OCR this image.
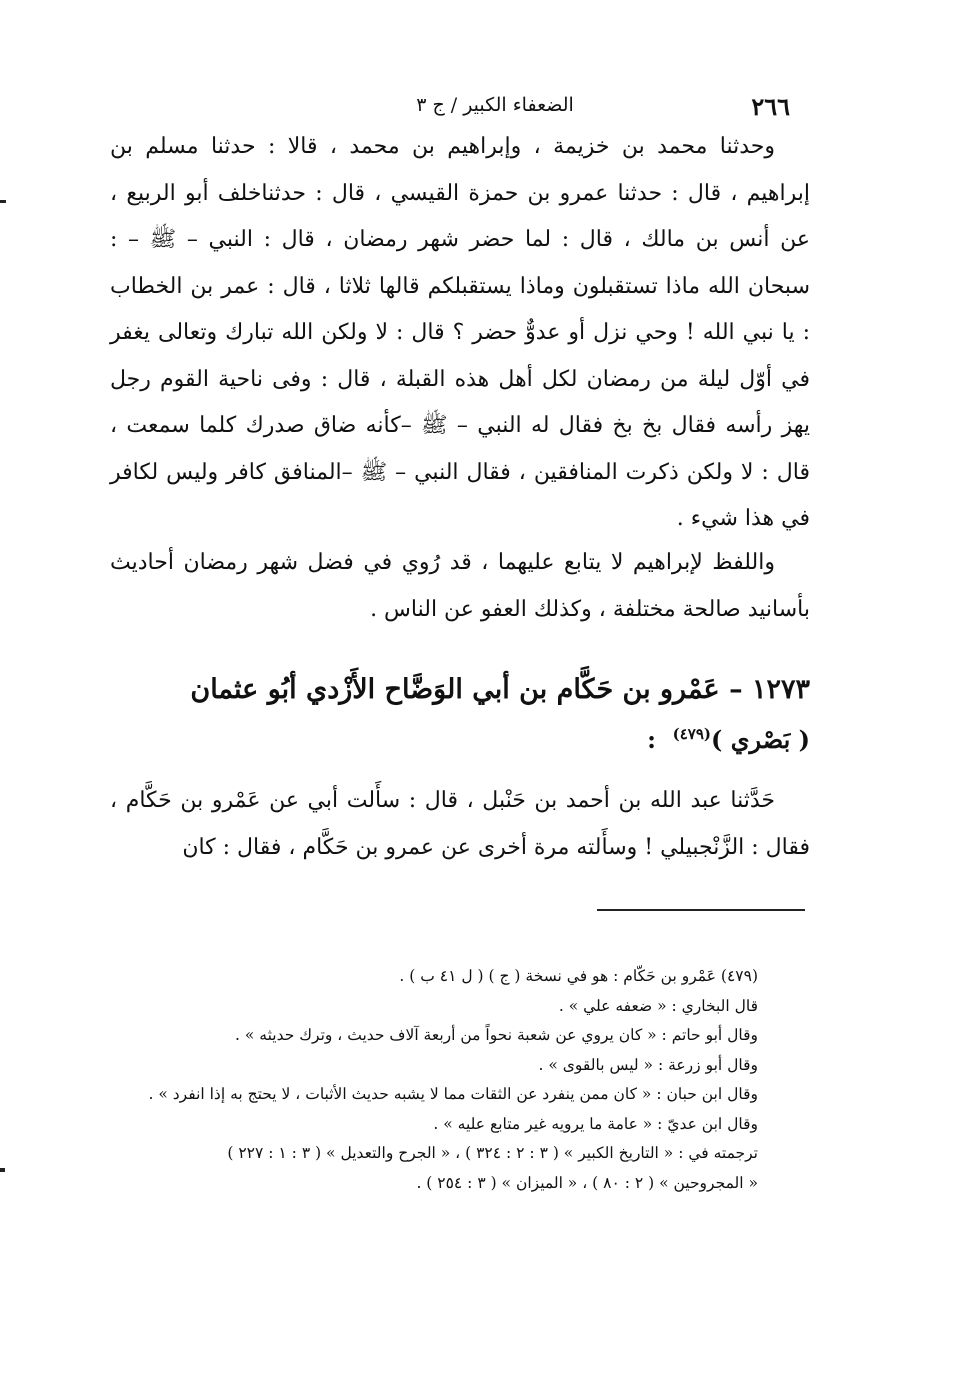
٢٦٦
الضعفاء الكبير / ج ٣

وحدثنا محمد بن خزيمة ، وإبراهيم بن محمد ، قالا : حدثنا مسلم بن إبراهيم ، قال : حدثنا عمرو بن حمزة القيسي ، قال : حدثناخلف أبو الربيع ، عن أنس بن مالك ، قال : لما حضر شهر رمضان ، قال : النبي – ﷺ – : سبحان الله ماذا تستقبلون وماذا يستقبلكم قالها ثلاثا ، قال : عمر بن الخطاب : يا نبي الله ! وحي نزل أو عدوٌّ حضر ؟ قال : لا ولكن الله تبارك وتعالى يغفر في أوّل ليلة من رمضان لكل أهل هذه القبلة ، قال : وفى ناحية القوم رجل يهز رأسه فقال بخ بخ فقال له النبي – ﷺ –كأنه ضاق صدرك كلما سمعت ، قال : لا ولكن ذكرت المنافقين ، فقال النبي – ﷺ –المنافق كافر وليس لكافر في هذا شيء .

واللفظ لإبراهيم لا يتابع عليهما ، قد رُوي في فضل شهر رمضان أحاديث بأسانيد صالحة مختلفة ، وكذلك العفو عن الناس .

١٢٧٣ – عَمْرو بن حَكَّام بن أبي الوَضَّاح الأَزْدي أبُو عثمان
( بَصْري )$^{(٤٧٩)}$  :

حَدَّثنا عبد الله بن أحمد بن حَنْبل ، قال : سأَلت أبي عن عَمْرو بن حَكَّام ، فقال : الزَّنْجبيلي ! وسأَلته مرة أخرى عن عمرو بن حَكَّام ، فقال : كان

(٤٧٩) عَمْرو بن حَكّام : هو في نسخة ( ج ) ( ل ٤١ ب ) .

قال البخاري : « ضعفه علي » .

وقال أبو حاتم : « كان يروي عن شعبة نحواً من أربعة آلاف حديث ، وترك حديثه » .

وقال أبو زرعة : « ليس بالقوى » .

وقال ابن حبان : « كان ممن ينفرد عن الثقات مما لا يشبه حديث الأثبات ، لا يحتج به إذا انفرد » .

وقال ابن عديّ : « عامة ما يرويه غير متابع عليه » .

ترجمته في : « التاريخ الكبير » ( ٣ : ٢ : ٣٢٤ ) ، « الجرح والتعديل » ( ٣ : ١ : ٢٢٧ )

« المجروحين » ( ٢ : ٨٠ ) ، « الميزان » ( ٣ : ٢٥٤ ) .
